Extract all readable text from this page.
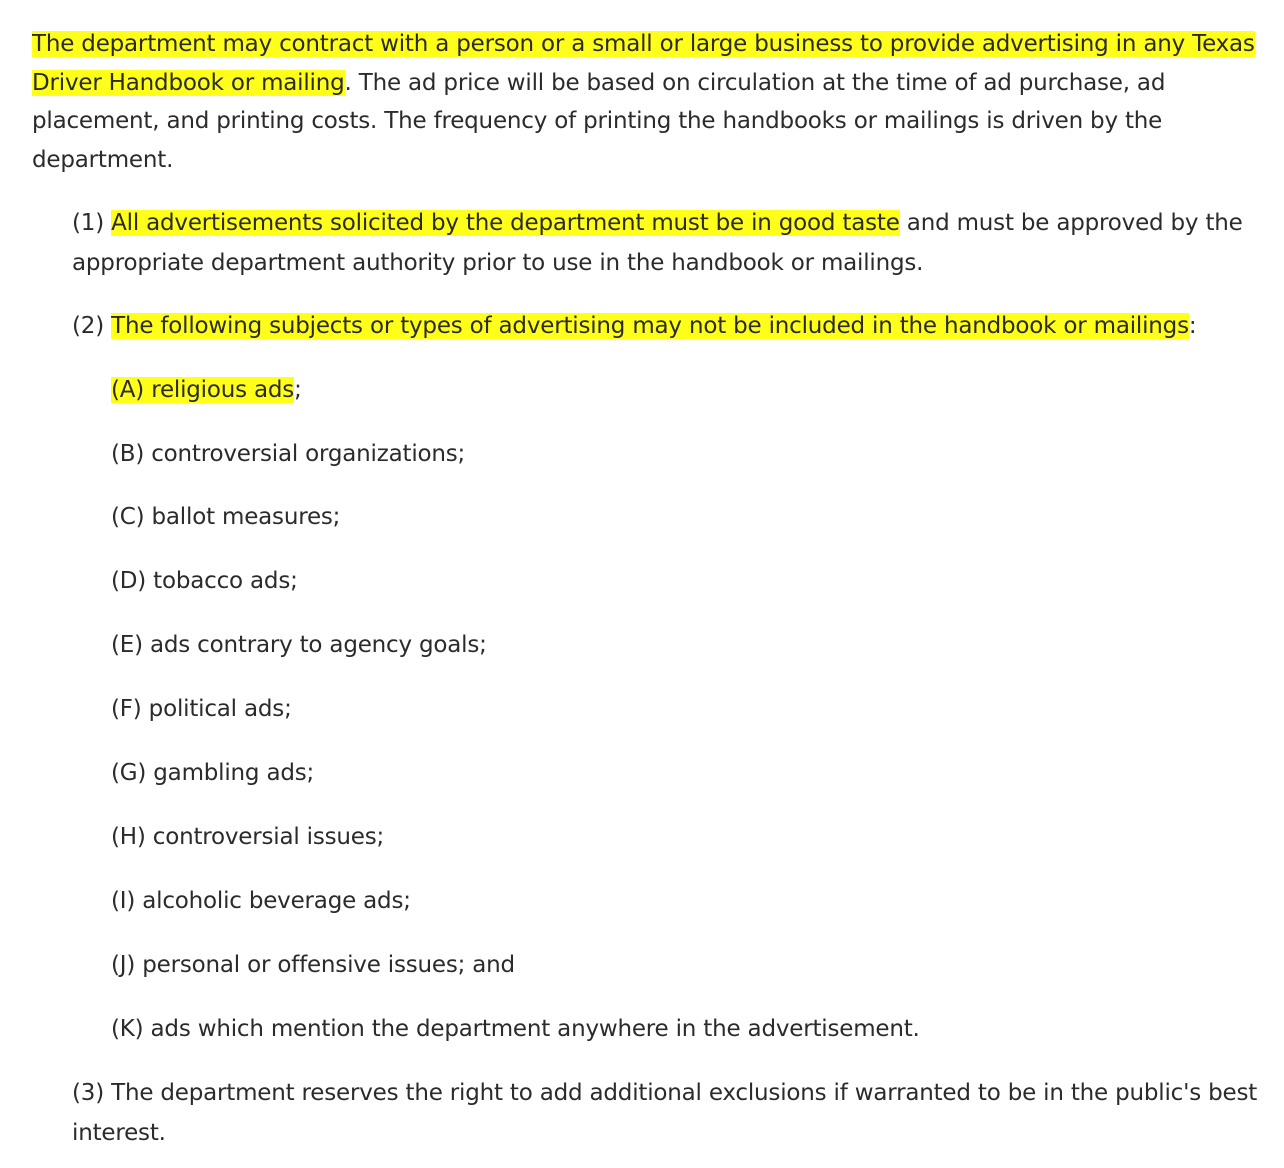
The department may contract with a person or a small or large business to provide advertising in any Texas Driver Handbook or mailing. The ad price will be based on circulation at the time of ad purchase, ad placement, and printing costs. The frequency of printing the handbooks or mailings is driven by the department.

(1) All advertisements solicited by the department must be in good taste and must be approved by the appropriate department authority prior to use in the handbook or mailings.

(2) The following subjects or types of advertising may not be included in the handbook or mailings:

(A) religious ads;

(B) controversial organizations;

(C) ballot measures;

(D) tobacco ads;

(E) ads contrary to agency goals;

(F) political ads;

(G) gambling ads;

(H) controversial issues;

(I) alcoholic beverage ads;

(J) personal or offensive issues; and

(K) ads which mention the department anywhere in the advertisement.

(3) The department reserves the right to add additional exclusions if warranted to be in the public's best interest.
